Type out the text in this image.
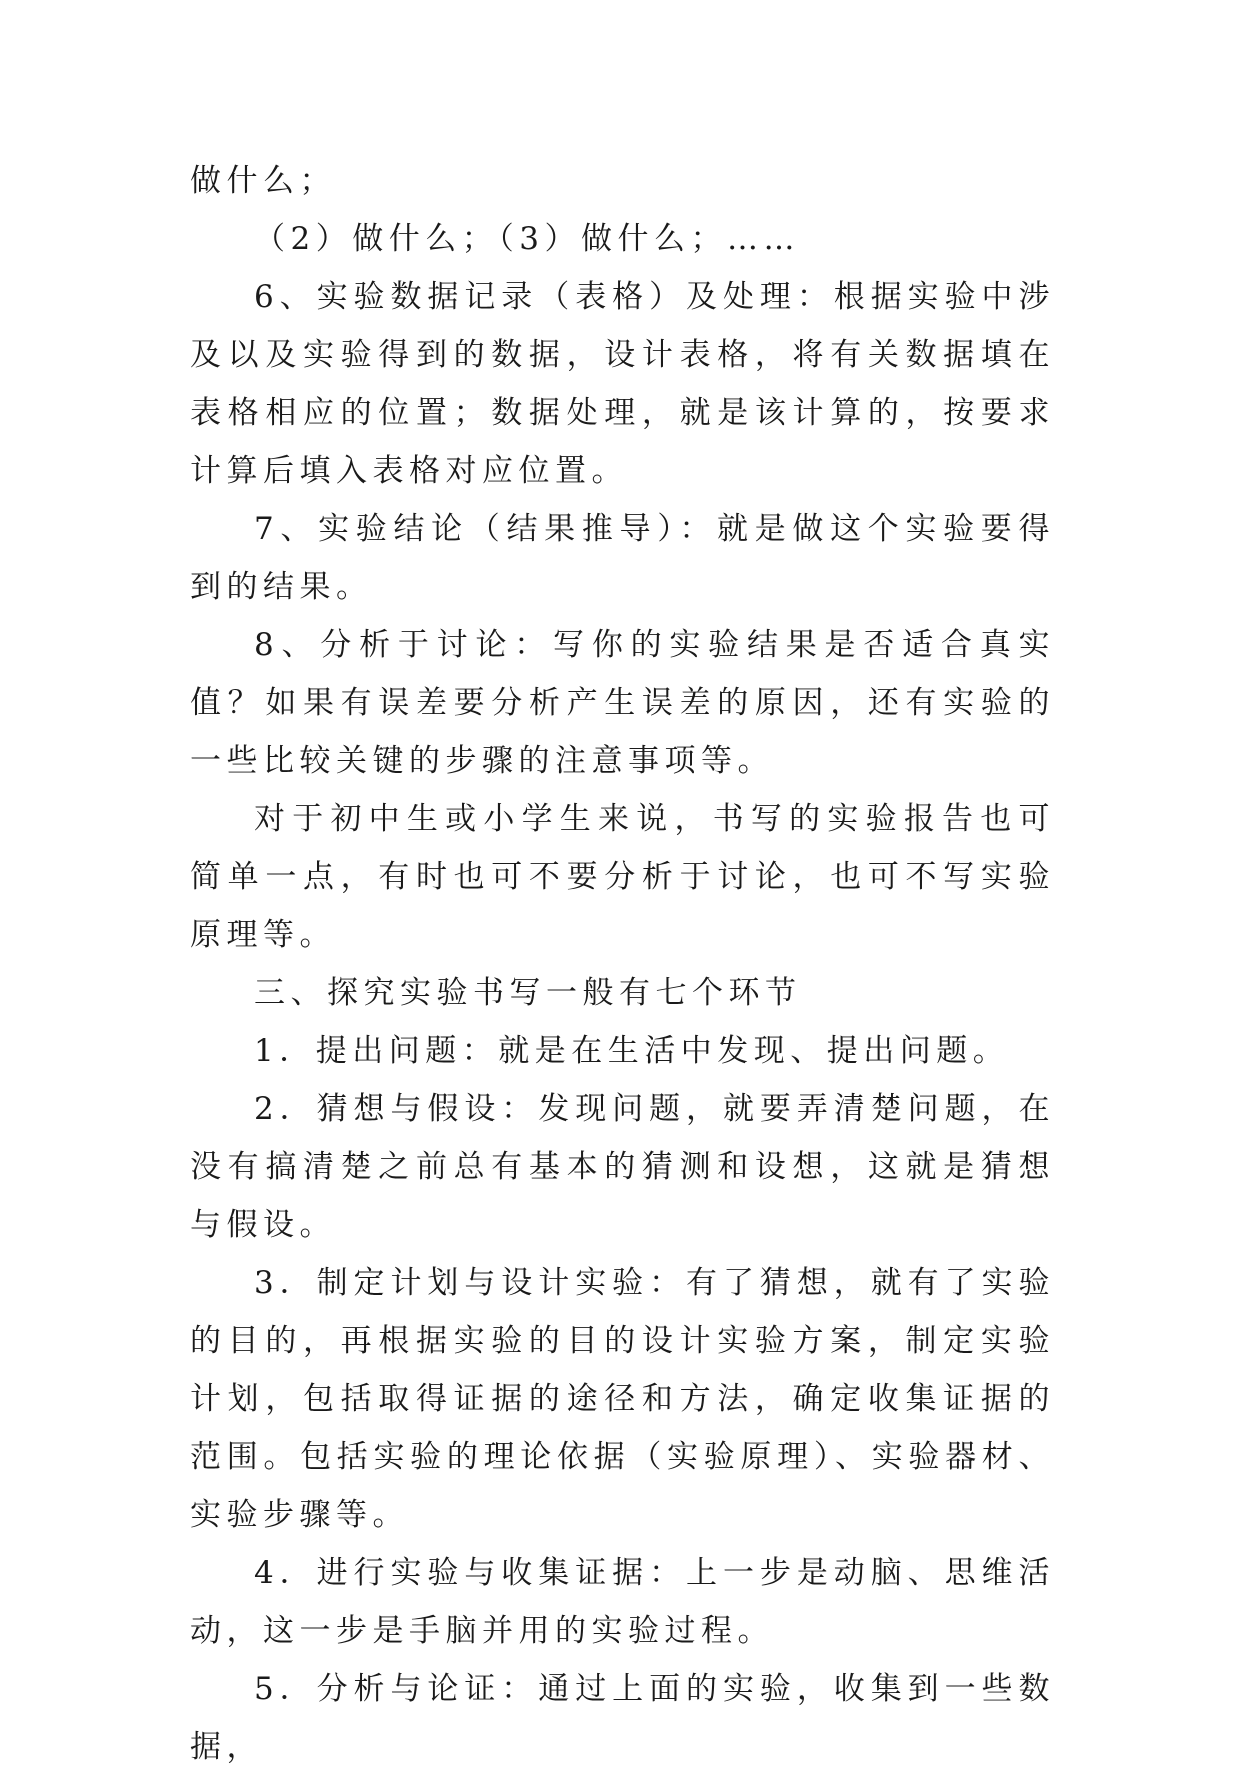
做什么；

（2）做什么；（3）做什么；……

6、实验数据记录（表格）及处理：根据实验中涉及以及实验得到的数据，设计表格，将有关数据填在表格相应的位置；数据处理，就是该计算的，按要求计算后填入表格对应位置。

7、实验结论（结果推导）：就是做这个实验要得到的结果。

8、分析于讨论：写你的实验结果是否适合真实值？如果有误差要分析产生误差的原因，还有实验的一些比较关键的步骤的注意事项等。

对于初中生或小学生来说，书写的实验报告也可简单一点，有时也可不要分析于讨论，也可不写实验原理等。

三、探究实验书写一般有七个环节

1．提出问题：就是在生活中发现、提出问题。

2．猜想与假设：发现问题，就要弄清楚问题，在没有搞清楚之前总有基本的猜测和设想，这就是猜想与假设。

3．制定计划与设计实验：有了猜想，就有了实验的目的，再根据实验的目的设计实验方案，制定实验计划，包括取得证据的途径和方法，确定收集证据的范围。包括实验的理论依据（实验原理）、实验器材、实验步骤等。

4．进行实验与收集证据：上一步是动脑、思维活动，这一步是手脑并用的实验过程。

5．分析与论证：通过上面的实验，收集到一些数据，
